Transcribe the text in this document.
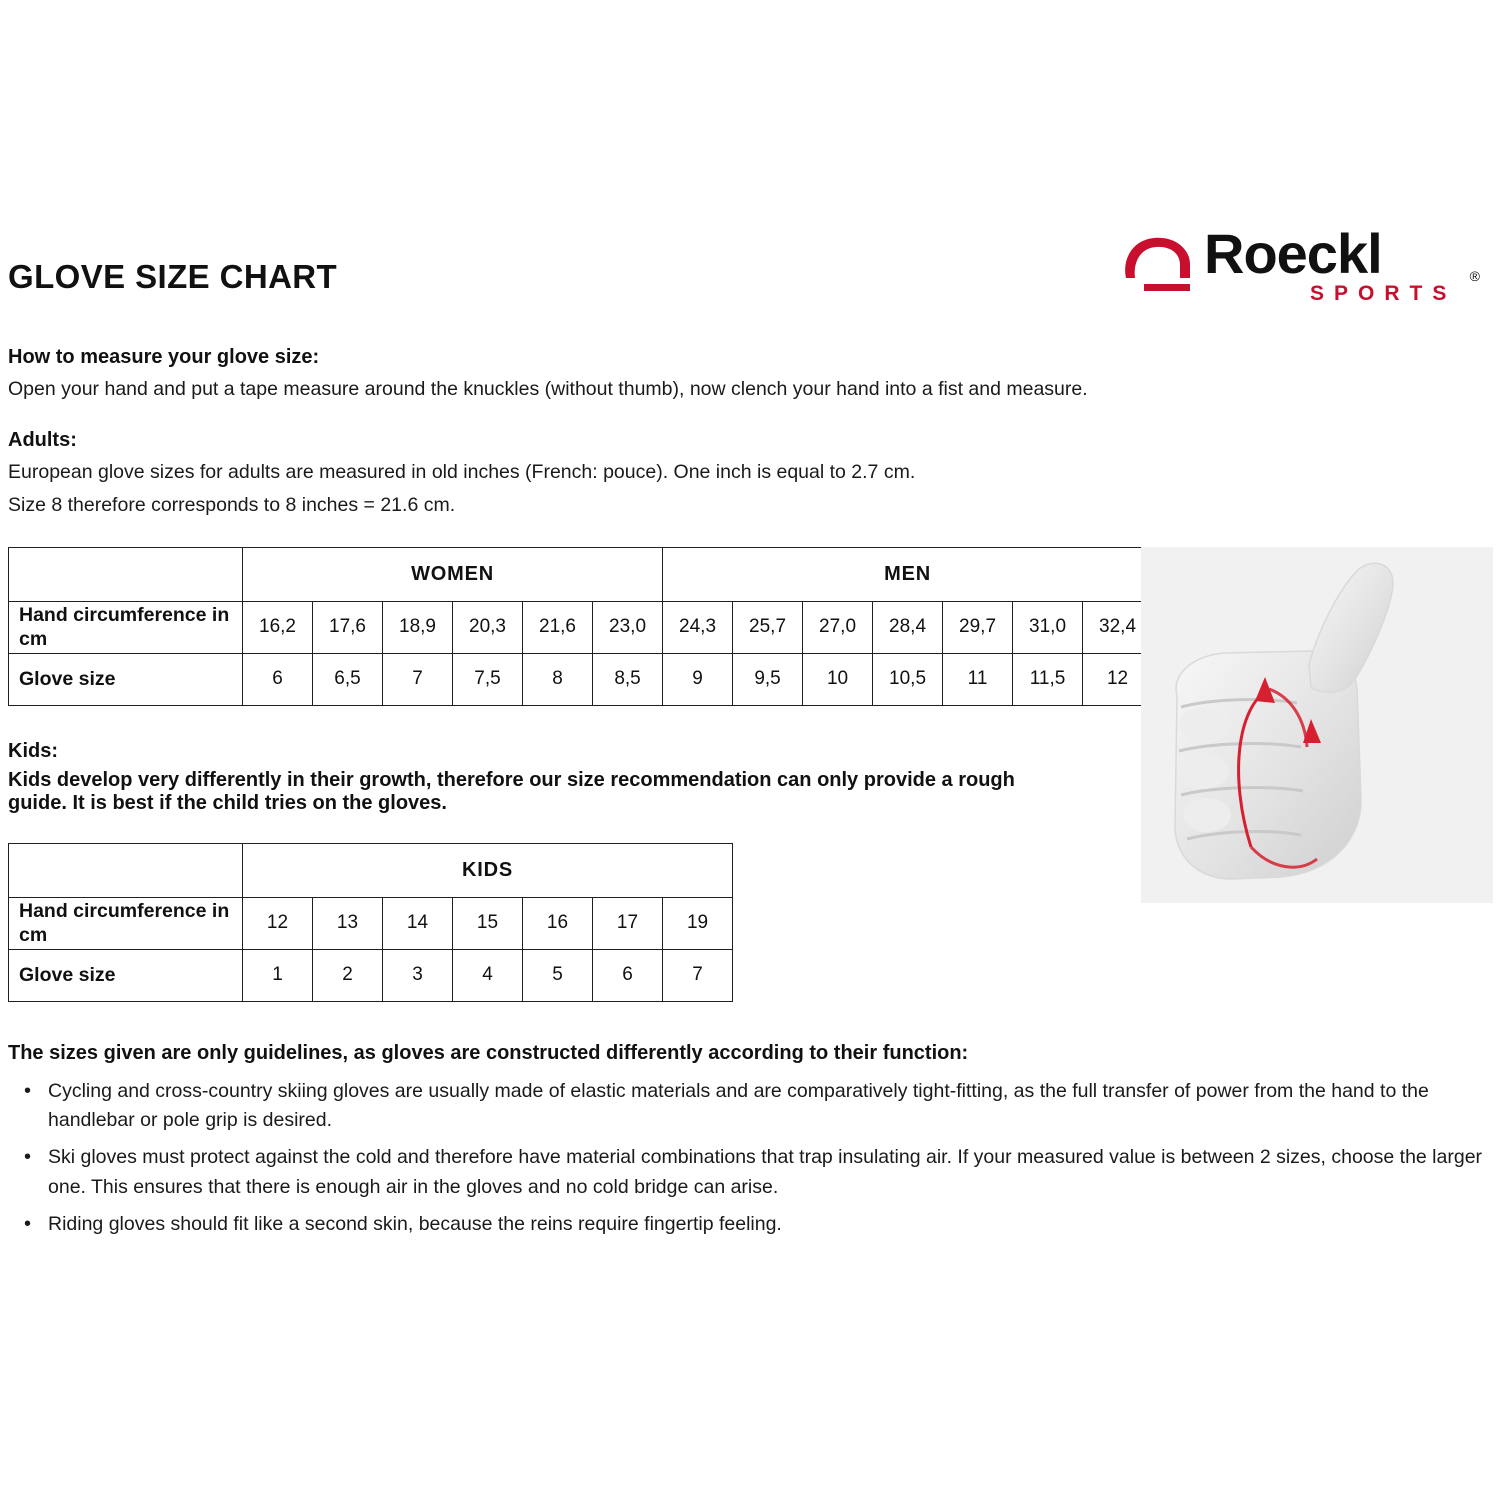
GLOVE SIZE CHART	Roeckl	®
SPORTS
How to measure your glove size:
Open your hand and put a tape measure around the knuckles (without thumb), now clench your hand into a fist and measure.
Adults:
European glove sizes for adults are measured in old inches (French: pouce). One inch is equal to 2.7 cm.
Size 8 therefore corresponds to 8 inches = 21.6 cm.
	WOMEN						MEN						
Hand circumference in cm	16,2	17,6	18,9	20,3	21,6	23,0	24,3	25,7	27,0	28,4	29,7	31,0	32,4
Glove size	6	6,5	7	7,5	8	8,5	9	9,5	10	10,5	11	11,5	12
Kids:
Kids develop very differently in their growth, therefore our size recommendation can only provide a rough
guide. It is best if the child tries on the gloves.
	KIDS						
Hand circumference in cm	12	13	14	15	16	17	19
Glove size	1	2	3	4	5	6	7
The sizes given are only guidelines, as gloves are constructed differently according to their function:
• Cycling and cross-country skiing gloves are usually made of elastic materials and are comparatively tight-fitting, as the full transfer of power from the hand to the handlebar or pole grip is desired.
• Ski gloves must protect against the cold and therefore have material combinations that trap insulating air. If your measured value is between 2 sizes, choose the larger one. This ensures that there is enough air in the gloves and no cold bridge can arise.
• Riding gloves should fit like a second skin, because the reins require fingertip feeling.
